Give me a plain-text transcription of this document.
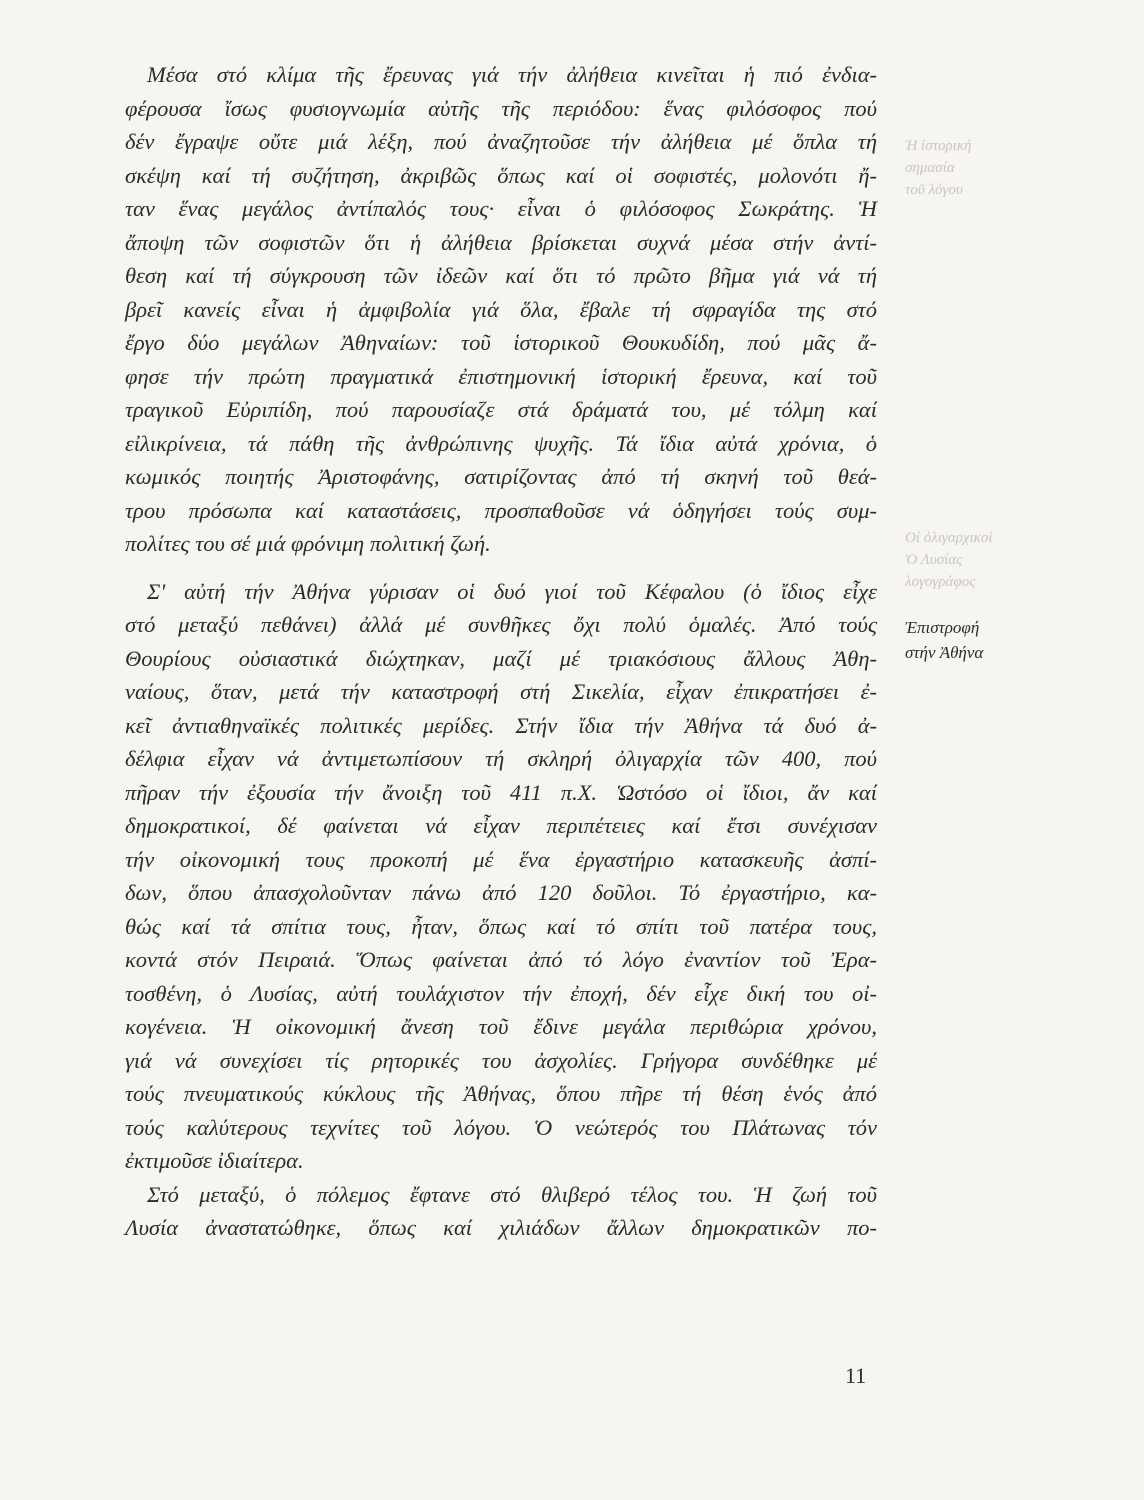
Ἡ ἱστορική
σημασία
τοῦ λόγου
Οἱ ὀλιγαρχικοί
Ὁ Λυσίας
λογογράφος
Μέσα στό κλίμα τῆς ἔρευνας γιά τήν ἀλήθεια κινεῖται ἡ πιό ἐνδια-
φέρουσα ἴσως φυσιογνωμία αὐτῆς τῆς περιόδου: ἕνας φιλόσοφος πού
δέν ἔγραψε οὔτε μιά λέξη, πού ἀναζητοῦσε τήν ἀλήθεια μέ ὅπλα τή
σκέψη καί τή συζήτηση, ἀκριβῶς ὅπως καί οἱ σοφιστές, μολονότι ἤ-
ταν ἕνας μεγάλος ἀντίπαλός τους· εἶναι ὁ φιλόσοφος Σωκράτης. Ἡ
ἄποψη τῶν σοφιστῶν ὅτι ἡ ἀλήθεια βρίσκεται συχνά μέσα στήν ἀντί-
θεση καί τή σύγκρουση τῶν ἰδεῶν καί ὅτι τό πρῶτο βῆμα γιά νά τή
βρεῖ κανείς εἶναι ἡ ἀμφιβολία γιά ὅλα, ἔβαλε τή σφραγίδα της στό
ἔργο δύο μεγάλων Ἀθηναίων: τοῦ ἱστορικοῦ Θουκυδίδη, πού μᾶς ἄ-
φησε τήν πρώτη πραγματικά ἐπιστημονική ἱστορική ἔρευνα, καί τοῦ
τραγικοῦ Εὐριπίδη, πού παρουσίαζε στά δράματά του, μέ τόλμη καί
εἰλικρίνεια, τά πάθη τῆς ἀνθρώπινης ψυχῆς. Τά ἴδια αὐτά χρόνια, ὁ
κωμικός ποιητής Ἀριστοφάνης, σατιρίζοντας ἀπό τή σκηνή τοῦ θεά-
τρου πρόσωπα καί καταστάσεις, προσπαθοῦσε νά ὁδηγήσει τούς συμ-
πολίτες του σέ μιά φρόνιμη πολιτική ζωή.
Σ' αὐτή τήν Ἀθήνα γύρισαν οἱ δυό γιοί τοῦ Κέφαλου (ὁ ἴδιος εἶχε
στό μεταξύ πεθάνει) ἀλλά μέ συνθῆκες ὄχι πολύ ὁμαλές. Ἀπό τούς
Θουρίους οὐσιαστικά διώχτηκαν, μαζί μέ τριακόσιους ἄλλους Ἀθη-
ναίους, ὅταν, μετά τήν καταστροφή στή Σικελία, εἶχαν ἐπικρατήσει ἐ-
κεῖ ἀντιαθηναϊκές πολιτικές μερίδες. Στήν ἴδια τήν Ἀθήνα τά δυό ἀ-
δέλφια εἶχαν νά ἀντιμετωπίσουν τή σκληρή ὀλιγαρχία τῶν 400, πού
πῆραν τήν ἐξουσία τήν ἄνοιξη τοῦ 411 π.Χ. Ὡστόσο οἱ ἴδιοι, ἄν καί
δημοκρατικοί, δέ φαίνεται νά εἶχαν περιπέτειες καί ἔτσι συνέχισαν
τήν οἰκονομική τους προκοπή μέ ἕνα ἐργαστήριο κατασκευῆς ἀσπί-
δων, ὅπου ἀπασχολοῦνταν πάνω ἀπό 120 δοῦλοι. Τό ἐργαστήριο, κα-
θώς καί τά σπίτια τους, ἦταν, ὅπως καί τό σπίτι τοῦ πατέρα τους,
κοντά στόν Πειραιά. Ὅπως φαίνεται ἀπό τό λόγο ἐναντίον τοῦ Ἐρα-
τοσθένη, ὁ Λυσίας, αὐτή τουλάχιστον τήν ἐποχή, δέν εἶχε δική του οἰ-
κογένεια. Ἡ οἰκονομική ἄνεση τοῦ ἔδινε μεγάλα περιθώρια χρόνου,
γιά νά συνεχίσει τίς ρητορικές του ἀσχολίες. Γρήγορα συνδέθηκε μέ
τούς πνευματικούς κύκλους τῆς Ἀθήνας, ὅπου πῆρε τή θέση ἑνός ἀπό
τούς καλύτερους τεχνίτες τοῦ λόγου. Ὁ νεώτερός του Πλάτωνας τόν
ἐκτιμοῦσε ἰδιαίτερα.
Στό μεταξύ, ὁ πόλεμος ἔφτανε στό θλιβερό τέλος του. Ἡ ζωή τοῦ
Λυσία ἀναστατώθηκε, ὅπως καί χιλιάδων ἄλλων δημοκρατικῶν πο-
Ἐπιστροφή
στήν Ἀθήνα
11
